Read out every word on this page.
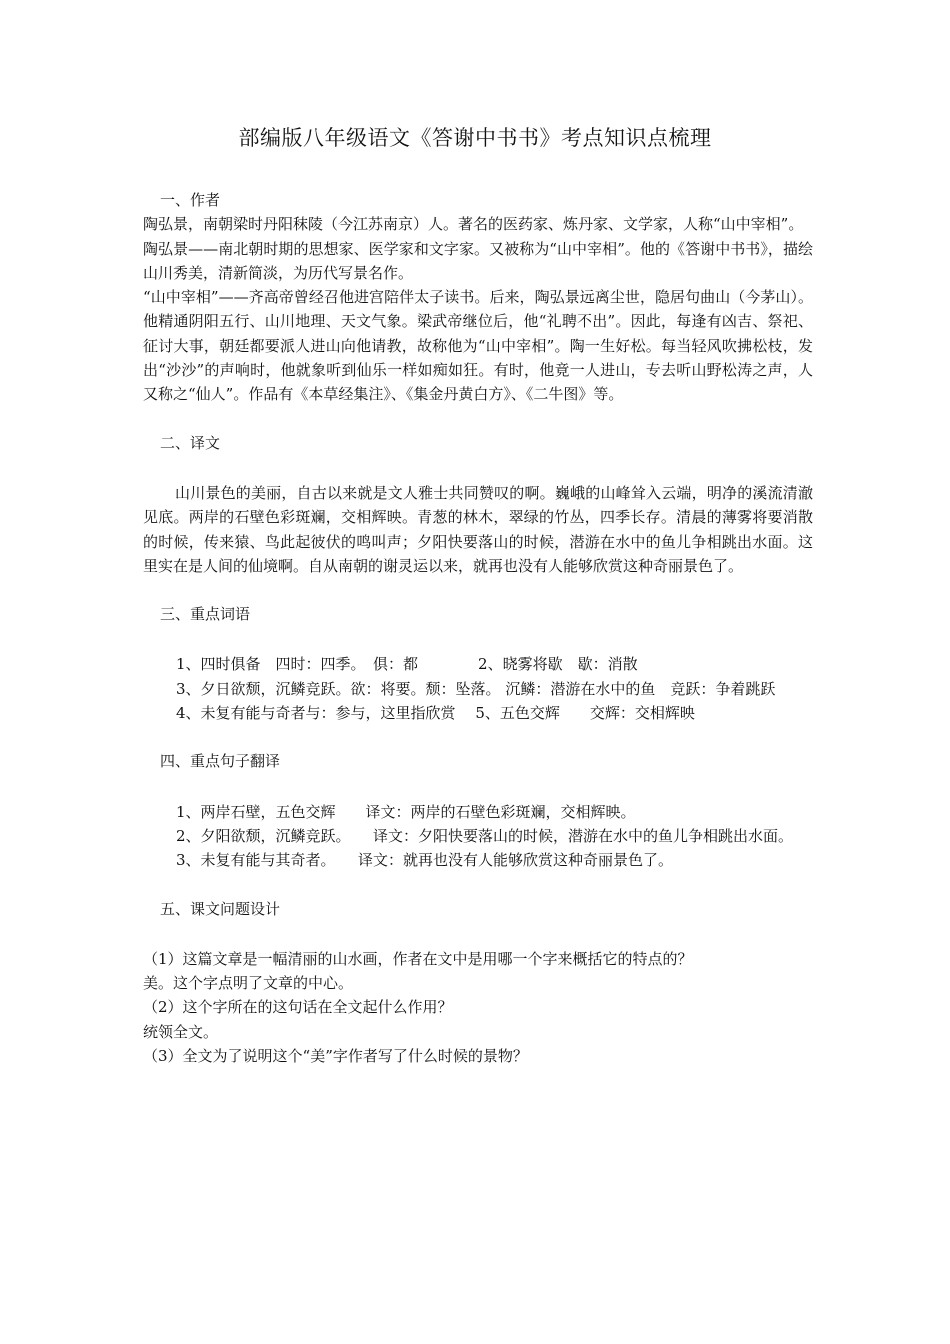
部编版八年级语文《答谢中书书》考点知识点梳理

一、作者

陶弘景，南朝梁时丹阳秣陵（今江苏南京）人。著名的医药家、炼丹家、文学家，人称“山中宰相”。

陶弘景——南北朝时期的思想家、医学家和文字家。又被称为“山中宰相”。他的《答谢中书书》，描绘山川秀美，清新简淡，为历代写景名作。

“山中宰相”——齐高帝曾经召他进宫陪伴太子读书。后来，陶弘景远离尘世，隐居句曲山（今茅山）。他精通阴阳五行、山川地理、天文气象。梁武帝继位后，他“礼聘不出”。因此，每逢有凶吉、祭祀、征讨大事，朝廷都要派人进山向他请教，故称他为“山中宰相”。陶一生好松。每当轻风吹拂松枝，发出“沙沙”的声响时，他就象听到仙乐一样如痴如狂。有时，他竟一人进山，专去听山野松涛之声，人又称之“仙人”。作品有《本草经集注》、《集金丹黄白方》、《二牛图》等。

二、译文

山川景色的美丽，自古以来就是文人雅士共同赞叹的啊。巍峨的山峰耸入云端，明净的溪流清澈见底。两岸的石壁色彩斑斓，交相辉映。青葱的林木，翠绿的竹丛，四季长存。清晨的薄雾将要消散的时候，传来猿、鸟此起彼伏的鸣叫声；夕阳快要落山的时候，潜游在水中的鱼儿争相跳出水面。这里实在是人间的仙境啊。自从南朝的谢灵运以来，就再也没有人能够欣赏这种奇丽景色了。

三、重点词语

1、四时俱备　四时：四季。　俱：都　　　　2、晓雾将歇　歇：消散

3、夕日欲颓，沉鳞竞跃。欲：将要。颓：坠落。 沉鳞：潜游在水中的鱼　竞跃：争着跳跃

4、未复有能与奇者与：参与，这里指欣赏　 5、五色交辉　　交辉：交相辉映

四、重点句子翻译

1、两岸石壁，五色交辉　　译文：两岸的石壁色彩斑斓，交相辉映。

2、夕阳欲颓，沉鳞竞跃。　　译文：夕阳快要落山的时候，潜游在水中的鱼儿争相跳出水面。

3、未复有能与其奇者。　　译文：就再也没有人能够欣赏这种奇丽景色了。

五、课文问题设计

（1）这篇文章是一幅清丽的山水画，作者在文中是用哪一个字来概括它的特点的？

美。这个字点明了文章的中心。

（2）这个字所在的这句话在全文起什么作用？

统领全文。

（3）全文为了说明这个“美”字作者写了什么时候的景物？
